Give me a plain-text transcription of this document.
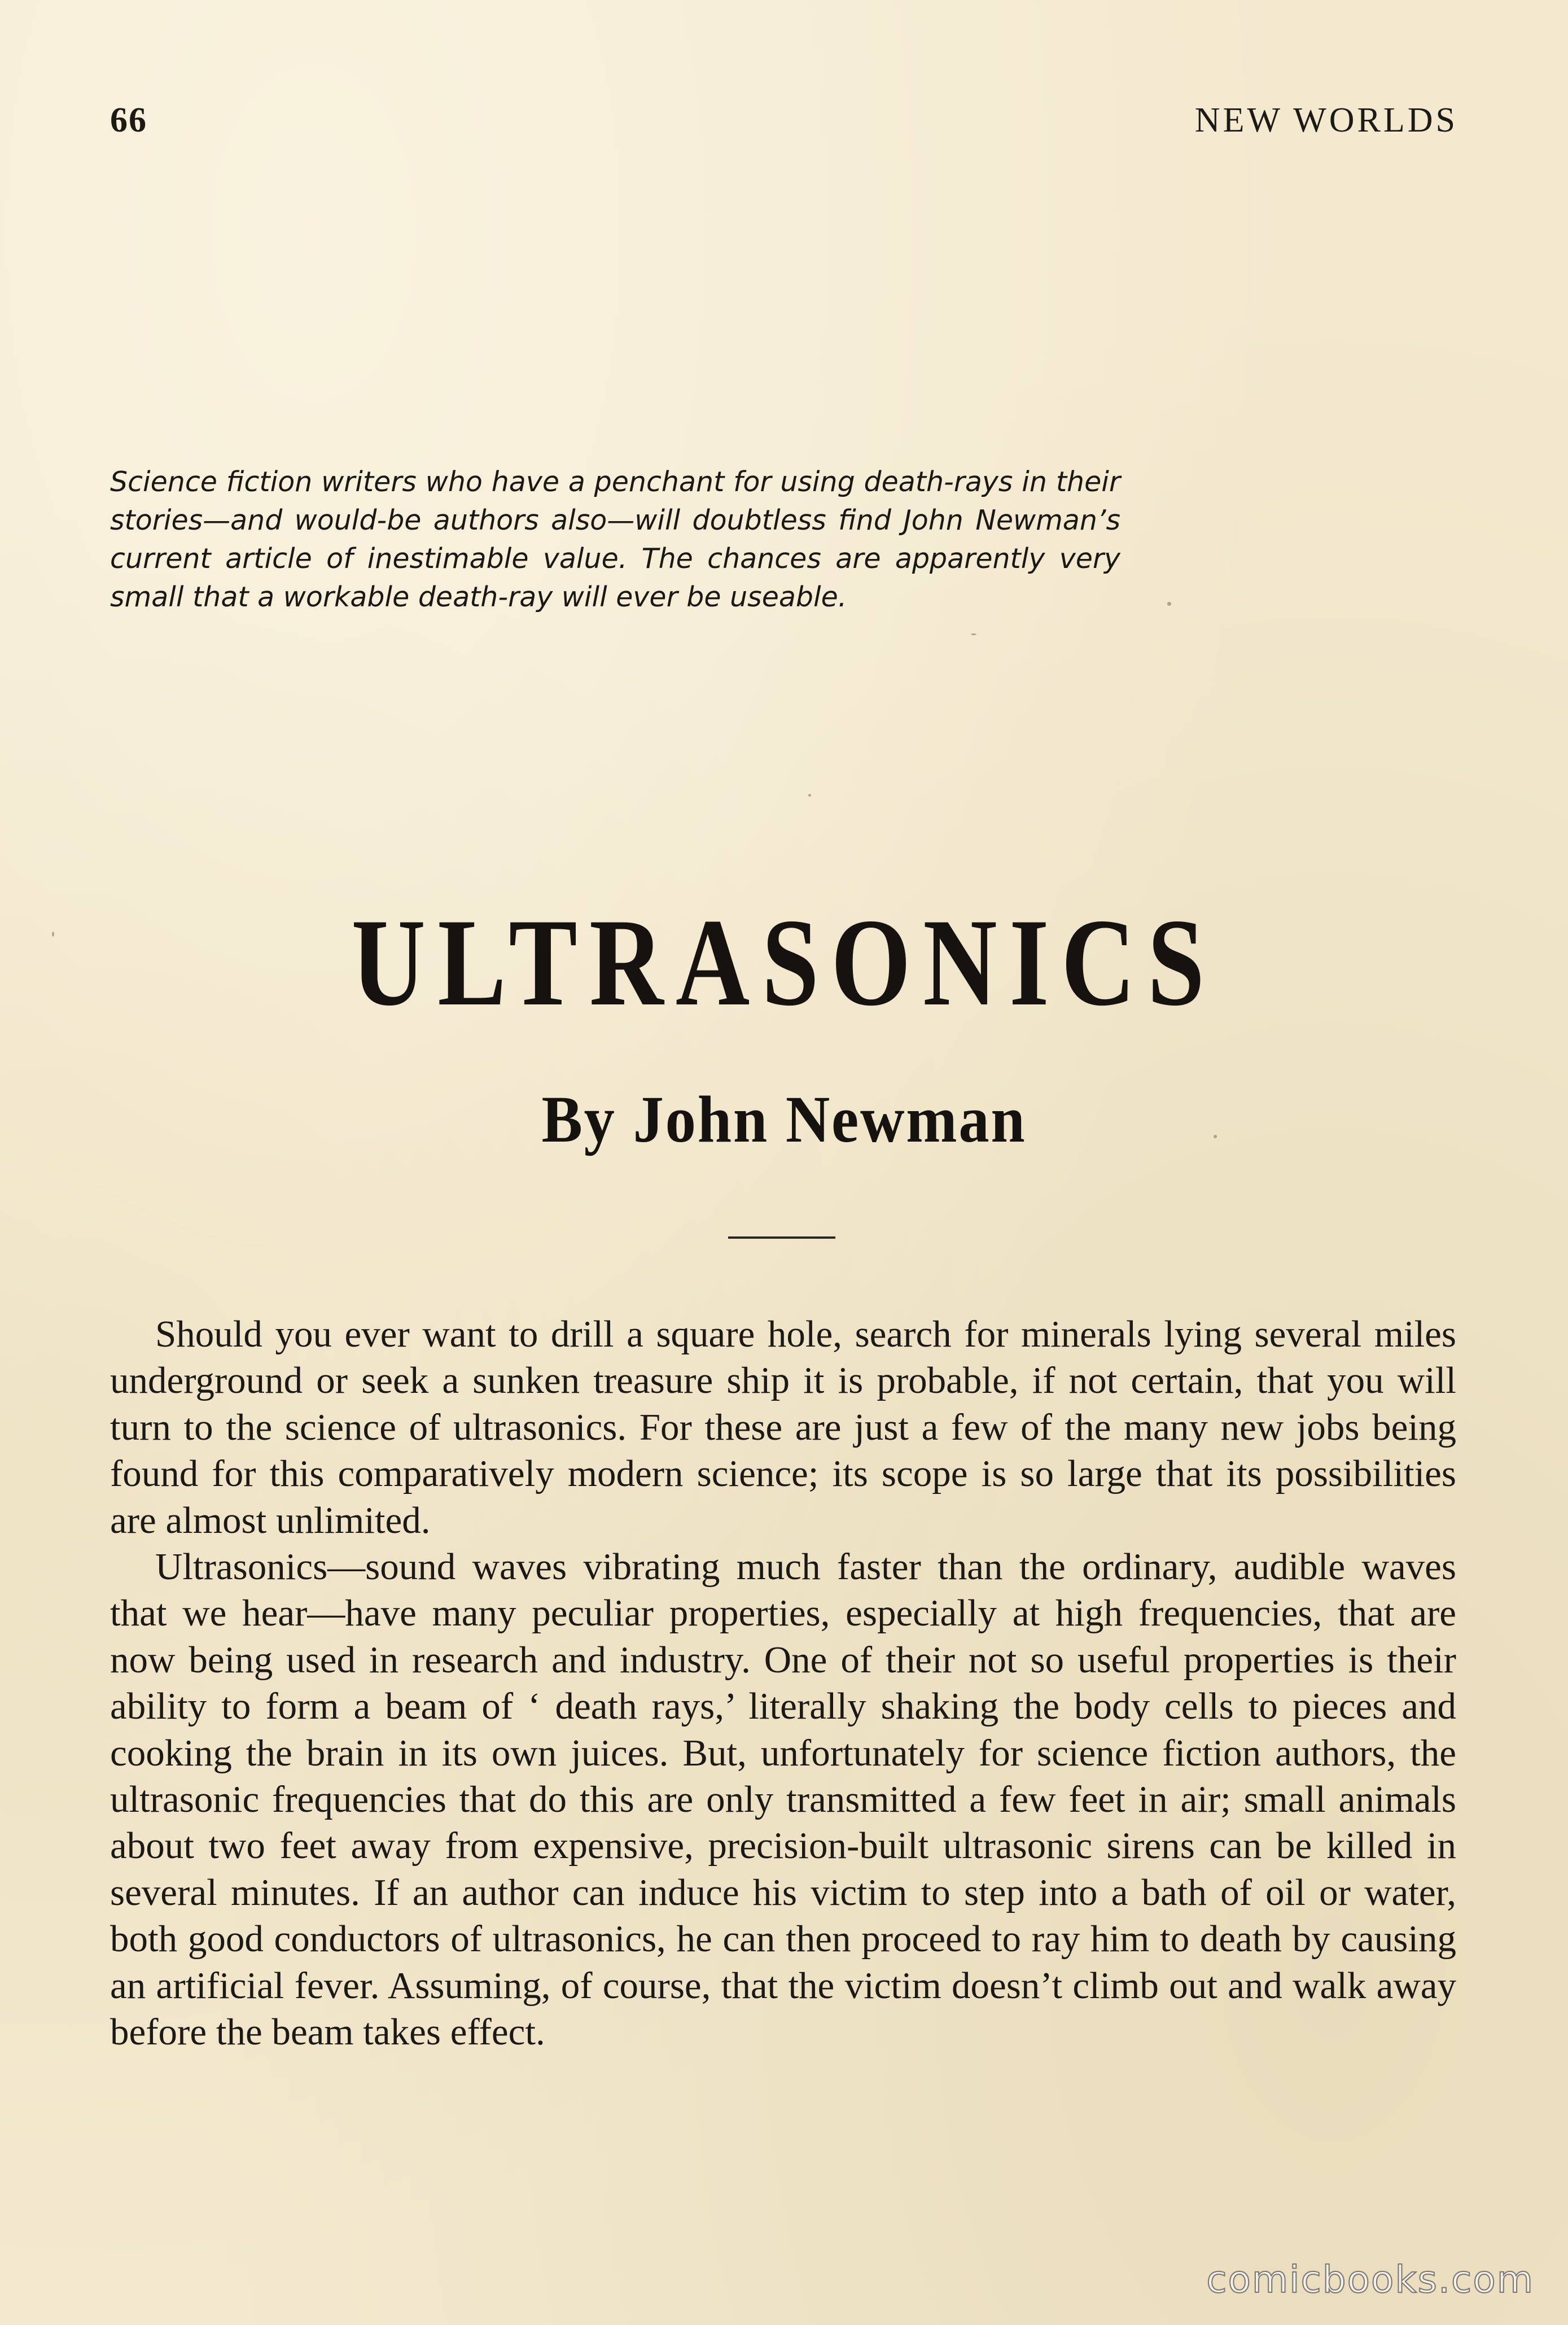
66	NEW WORLDS
Science fiction writers who have a penchant for using death-rays in their stories—and would-be authors also—will doubtless find John Newman’s current article of inestimable value. The chances are apparently very small that a workable death-ray will ever be useable.
ULTRASONICS
By John Newman

Should you ever want to drill a square hole, search for minerals lying several miles underground or seek a sunken treasure ship it is probable, if not certain, that you will turn to the science of ultrasonics. For these are just a few of the many new jobs being found for this comparatively modern science; its scope is so large that its possibilities are almost unlimited.

Ultrasonics—sound waves vibrating much faster than the ordinary, audible waves that we hear—have many peculiar properties, especially at high frequencies, that are now being used in research and industry. One of their not so useful properties is their ability to form a beam of ‘ death rays,’ literally shaking the body cells to pieces and cooking the brain in its own juices. But, unfortunately for science fiction authors, the ultrasonic frequencies that do this are only transmitted a few feet in air; small animals about two feet away from expensive, precision-built ultrasonic sirens can be killed in several minutes. If an author can induce his victim to step into a bath of oil or water, both good conductors of ultrasonics, he can then proceed to ray him to death by causing an artificial fever. Assuming, of course, that the victim doesn’t climb out and walk away before the beam takes effect.

comicbooks.com
